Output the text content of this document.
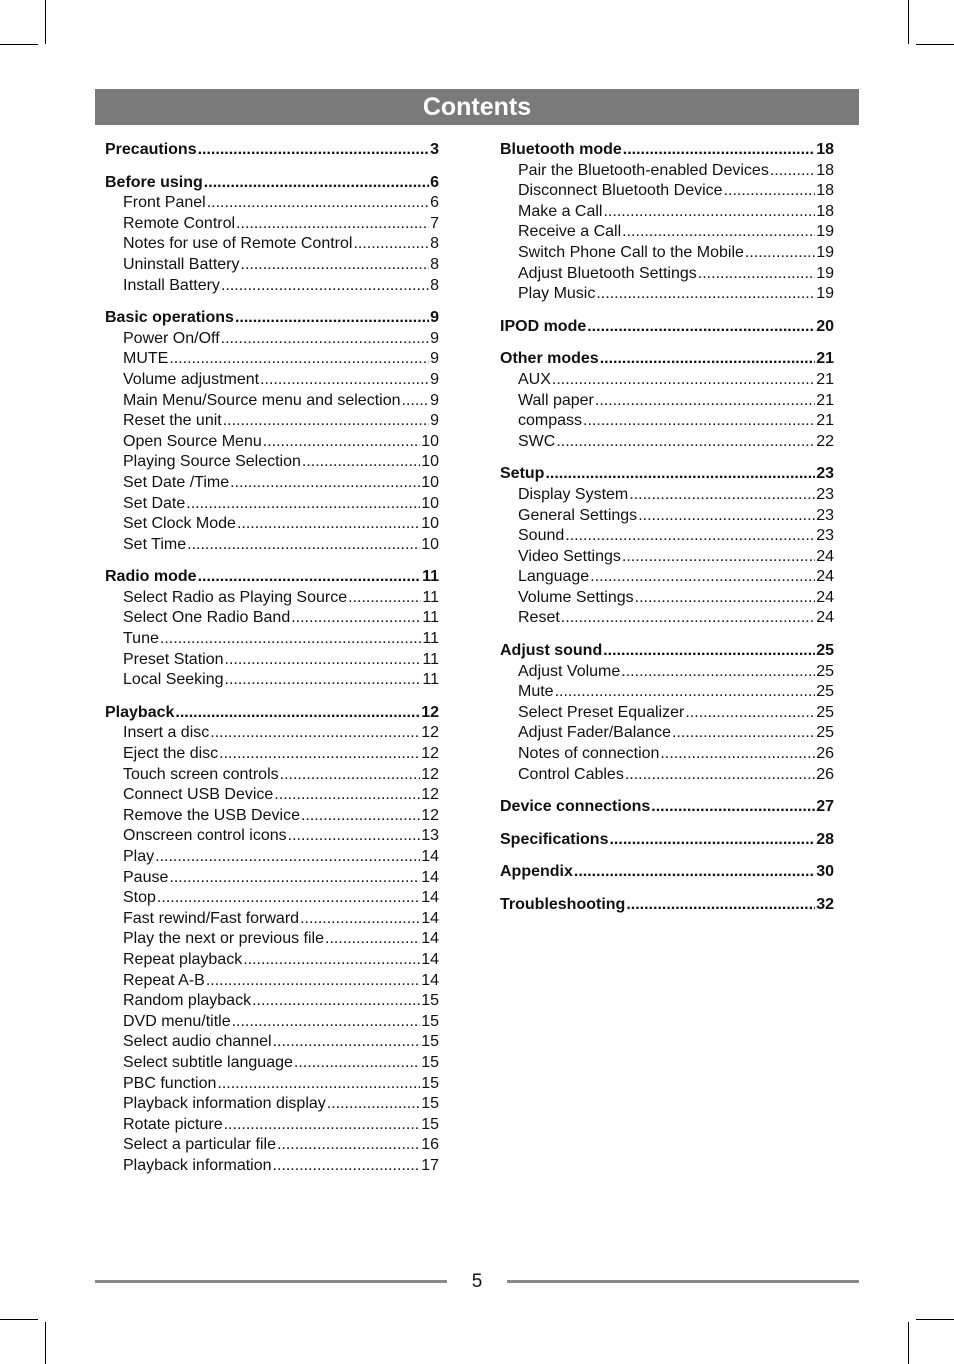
Contents
Precautions .....	3
Before using .....	6
Front Panel .....	6
Remote Control .....	7
Notes for use of Remote Control .....	8
Uninstall Battery .....	8
Install Battery .....	8
Basic operations .....	9
Power On/Off .....	9
MUTE .....	9
Volume adjustment .....	9
Main Menu/Source menu and selection ..... 9
Reset the unit .....	9
Open Source Menu .....	10
Playing Source Selection .....	10
Set Date /Time .....	10
Set Date .....	10
Set Clock Mode .....	10
Set Time .....	10
Radio mode .....	11
Select Radio as Playing Source .....	11
Select One Radio Band .....	11
Tune .....	11
Preset Station .....	11
Local Seeking .....	11
Playback .....	12
Insert a disc .....	12
Eject the disc .....	12
Touch screen controls .....	12
Connect USB Device .....	12
Remove the USB Device .....	12
Onscreen control icons .....	13
Play .....	14
Pause .....	14
Stop .....	14
Fast rewind/Fast forward .....	14
Play the next or previous file .....	14
Repeat playback .....	14
Repeat A-B .....	14
Random playback .....	15
DVD menu/title .....	15
Select audio channel .....	15
Select subtitle language .....	15
PBC function .....	15
Playback information display .....	15
Rotate picture .....	15
Select a particular file .....	16
Playback information .....	17
Bluetooth mode .....	18
Pair the Bluetooth-enabled Devices .....	18
Disconnect Bluetooth Device .....	18
Make a Call .....	18
Receive a Call .....	19
Switch Phone Call to the Mobile .....	19
Adjust Bluetooth Settings .....	19
Play Music .....	19
IPOD mode .....	20
Other modes .....	21
AUX .....	21
Wall paper .....	21
compass .....	21
SWC .....	22
Setup .....	23
Display System .....	23
General Settings .....	23
Sound .....	23
Video Settings .....	24
Language .....	24
Volume Settings .....	24
Reset .....	24
Adjust sound .....	25
Adjust Volume .....	25
Mute .....	25
Select Preset Equalizer .....	25
Adjust Fader/Balance .....	25
Notes of connection .....	26
Control Cables .....	26
Device connections .....	27
Specifications .....	28
Appendix .....	30
Troubleshooting .....	32
5
